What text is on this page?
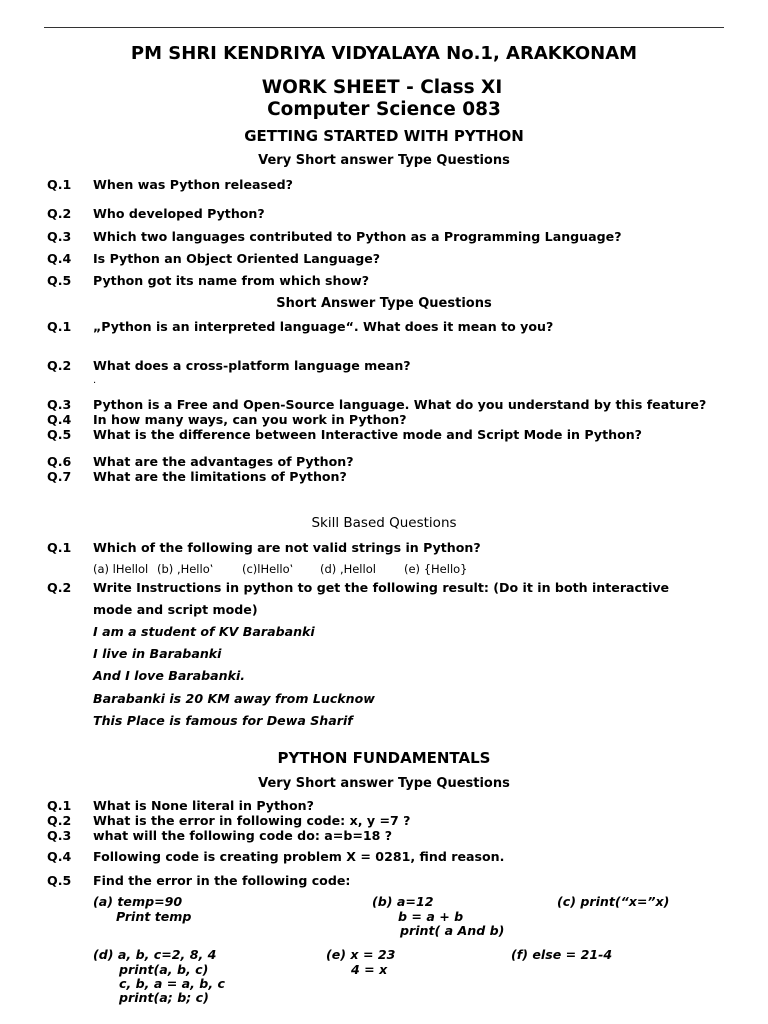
PM SHRI KENDRIYA VIDYALAYA No.1, ARAKKONAM
WORK SHEET - Class XI
Computer Science 083
GETTING STARTED WITH PYTHON
Very Short answer Type Questions
Q.1 When was Python released?
Q.2 Who developed Python?
Q.3 Which two languages contributed to Python as a Programming Language?
Q.4 Is Python an Object Oriented Language?
Q.5 Python got its name from which show?
Short Answer Type Questions
Q.1 „Python is an interpreted language“. What does it mean to you?
Q.2 What does a cross-platform language mean?
.
Q.3 Python is a Free and Open-Source language. What do you understand by this feature?
Q.4 In how many ways, can you work in Python?
Q.5 What is the difference between Interactive mode and Script Mode in Python?
Q.6 What are the advantages of Python?
Q.7 What are the limitations of Python?
Skill Based Questions
Q.1 Which of the following are not valid strings in Python?
(a) lHellol (b) ‚Hello‛ (c)lHello‛ (d) ‚Hellol (e) {Hello}
Q.2 Write Instructions in python to get the following result: (Do it in both interactive
mode and script mode)
I am a student of KV Barabanki
I live in Barabanki
And I love Barabanki.
Barabanki is 20 KM away from Lucknow
This Place is famous for Dewa Sharif
PYTHON FUNDAMENTALS
Very Short answer Type Questions
Q.1 What is None literal in Python?
Q.2 What is the error in following code: x, y =7 ?
Q.3 what will the following code do: a=b=18 ?
Q.4 Following code is creating problem X = 0281, find reason.
Q.5 Find the error in the following code:
(a) temp=90
Print temp
(b) a=12
b = a + b
print( a And b)
(c) print(“x=”x)
(d) a, b, c=2, 8, 4
print(a, b, c)
c, b, a = a, b, c
print(a; b; c)
(e) x = 23
4 = x
(f) else = 21-4
